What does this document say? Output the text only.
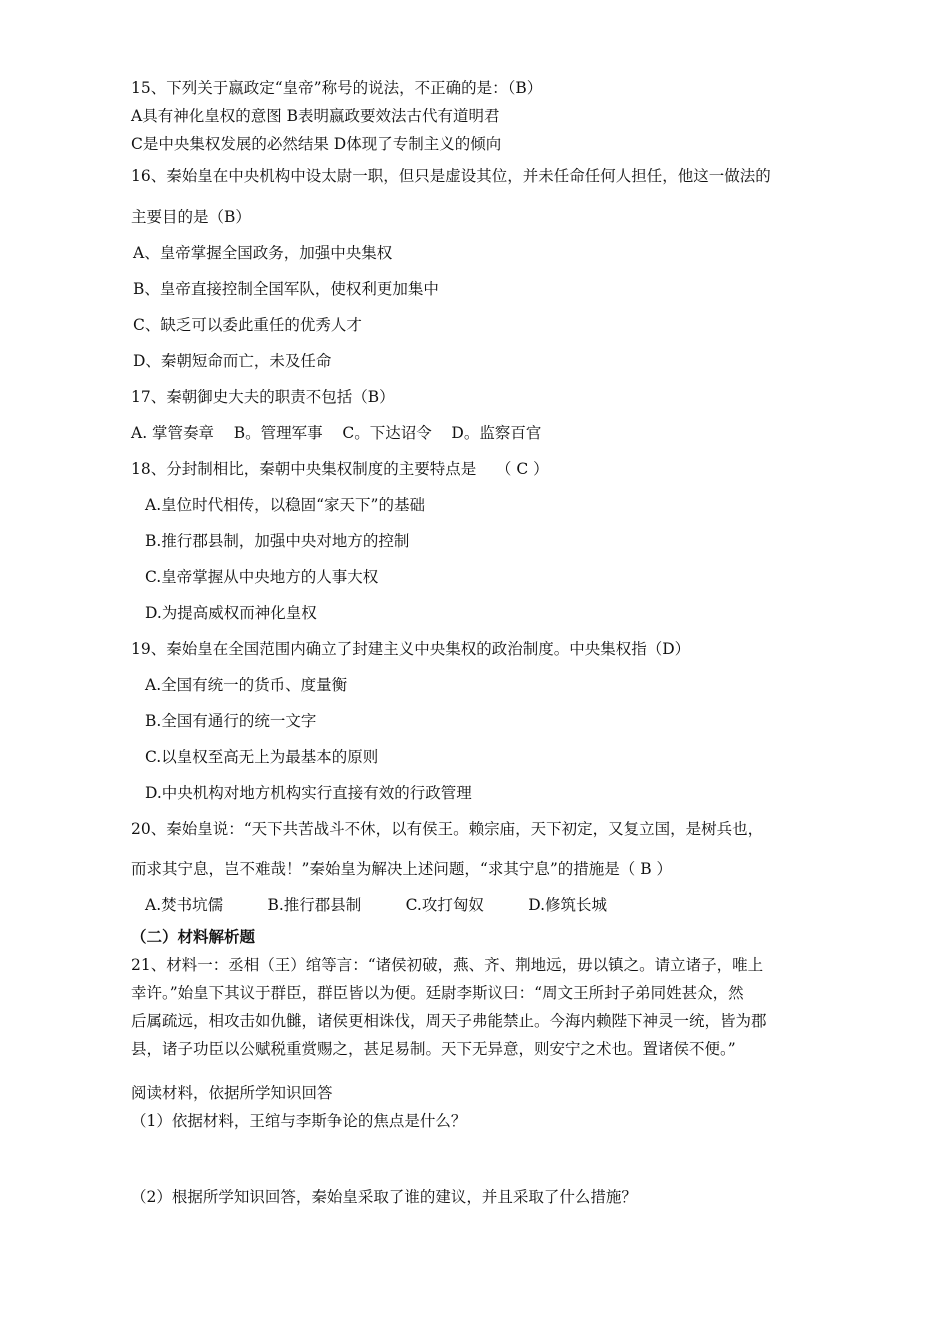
15、下列关于嬴政定“皇帝”称号的说法，不正确的是：（B）
A具有神化皇权的意图 B表明嬴政要效法古代有道明君
C是中央集权发展的必然结果 D体现了专制主义的倾向
16、秦始皇在中央机构中设太尉一职，但只是虚设其位，并未任命任何人担任，他这一做法的
主要目的是（B）
A、皇帝掌握全国政务，加强中央集权
B、皇帝直接控制全国军队，使权利更加集中
C、缺乏可以委此重任的优秀人才
D、秦朝短命而亡，未及任命
17、秦朝御史大夫的职责不包括（B）
A. 掌管奏章    B。管理军事    C。下达诏令    D。监察百官
18、分封制相比，秦朝中央集权制度的主要特点是    （ C ）
A.皇位时代相传，以稳固“家天下”的基础
B.推行郡县制，加强中央对地方的控制
C.皇帝掌握从中央地方的人事大权
D.为提高威权而神化皇权
19、秦始皇在全国范围内确立了封建主义中央集权的政治制度。中央集权指（D）
A.全国有统一的货币、度量衡
B.全国有通行的统一文字
C.以皇权至高无上为最基本的原则
D.中央机构对地方机构实行直接有效的行政管理
20、秦始皇说：“天下共苦战斗不休，以有侯王。赖宗庙，天下初定，又复立国，是树兵也，
而求其宁息，岂不难哉！”秦始皇为解决上述问题，“求其宁息”的措施是（ B ）
A.焚书坑儒         B.推行郡县制         C.攻打匈奴         D.修筑长城
（二）材料解析题
21、材料一：丞相（王）绾等言：“诸侯初破，燕、齐、荆地远，毋以镇之。请立诸子，唯上
幸许。”始皇下其议于群臣，群臣皆以为便。廷尉李斯议曰：“周文王所封子弟同姓甚众，然
后属疏远，相攻击如仇雠，诸侯更相诛伐，周天子弗能禁止。今海内赖陛下神灵一统，皆为郡
县，诸子功臣以公赋税重赏赐之，甚足易制。天下无异意，则安宁之术也。置诸侯不便。”
阅读材料，依据所学知识回答
（1）依据材料，王绾与李斯争论的焦点是什么？
（2）根据所学知识回答，秦始皇采取了谁的建议，并且采取了什么措施？
